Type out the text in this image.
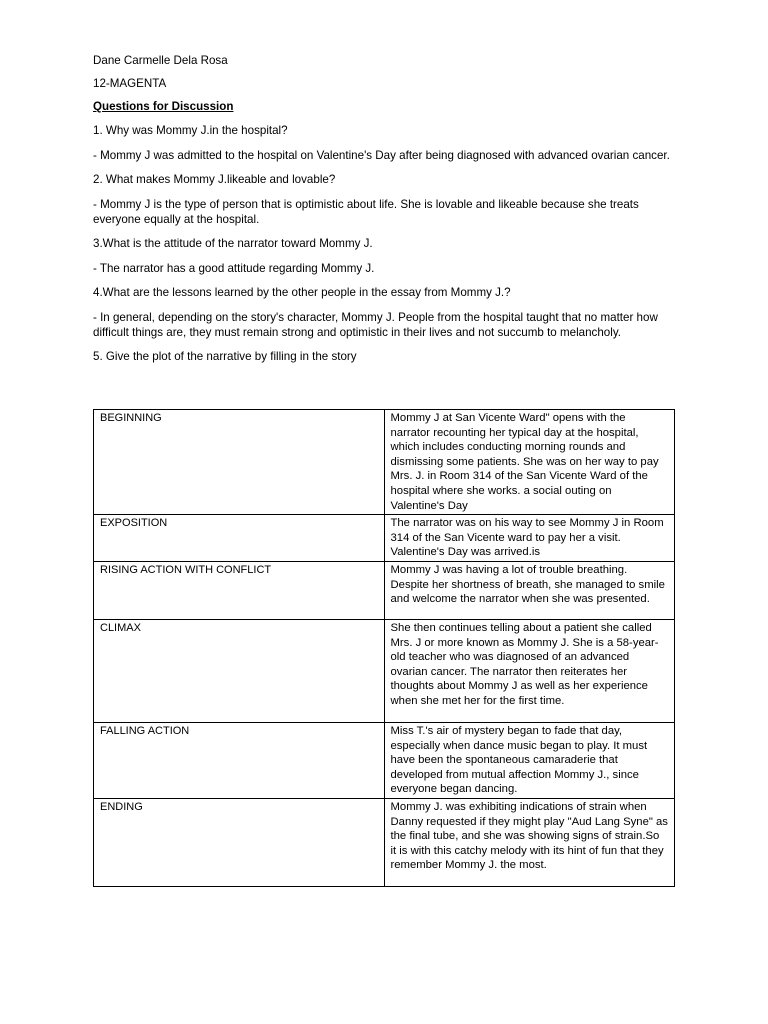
Dane Carmelle Dela Rosa

12-MAGENTA

Questions for Discussion

1. Why was Mommy J.in the hospital?

- Mommy J was admitted to the hospital on Valentine's Day after being diagnosed with advanced ovarian cancer.

2. What makes Mommy J.likeable and lovable?

- Mommy J is the type of person that is optimistic about life. She is lovable and likeable because she treats everyone equally at the hospital.

3.What is the attitude of the narrator toward Mommy J.

- The narrator has a good attitude regarding Mommy J.

4.What are the lessons learned by the other people in the essay from Mommy J.?

- In general, depending on the story's character, Mommy J. People from the hospital taught that no matter how difficult things are, they must remain strong and optimistic in their lives and not succumb to melancholy.

5. Give the plot of the narrative by filling in the story

BEGINNING	Mommy J at San Vicente Ward" opens with the narrator recounting her typical day at the hospital, which includes conducting morning rounds and dismissing some patients. She was on her way to pay Mrs. J. in Room 314 of the San Vicente Ward of the hospital where she works. a social outing on Valentine's Day
EXPOSITION	The narrator was on his way to see Mommy J in Room 314 of the San Vicente ward to pay her a visit. Valentine's Day was arrived.is
RISING ACTION WITH CONFLICT	Mommy J was having a lot of trouble breathing. Despite her shortness of breath, she managed to smile and welcome the narrator when she was presented.
CLIMAX	She then continues telling about a patient she called Mrs. J or more known as Mommy J. She is a 58-year-old teacher who was diagnosed of an advanced ovarian cancer. The narrator then reiterates her thoughts about Mommy J as well as her experience when she met her for the first time.
FALLING ACTION	Miss T.'s air of mystery began to fade that day, especially when dance music began to play. It must have been the spontaneous camaraderie that developed from mutual affection Mommy J., since everyone began dancing.
ENDING	Mommy J. was exhibiting indications of strain when Danny requested if they might play "Aud Lang Syne" as the final tube, and she was showing signs of strain.So it is with this catchy melody with its hint of fun that they remember Mommy J. the most.
